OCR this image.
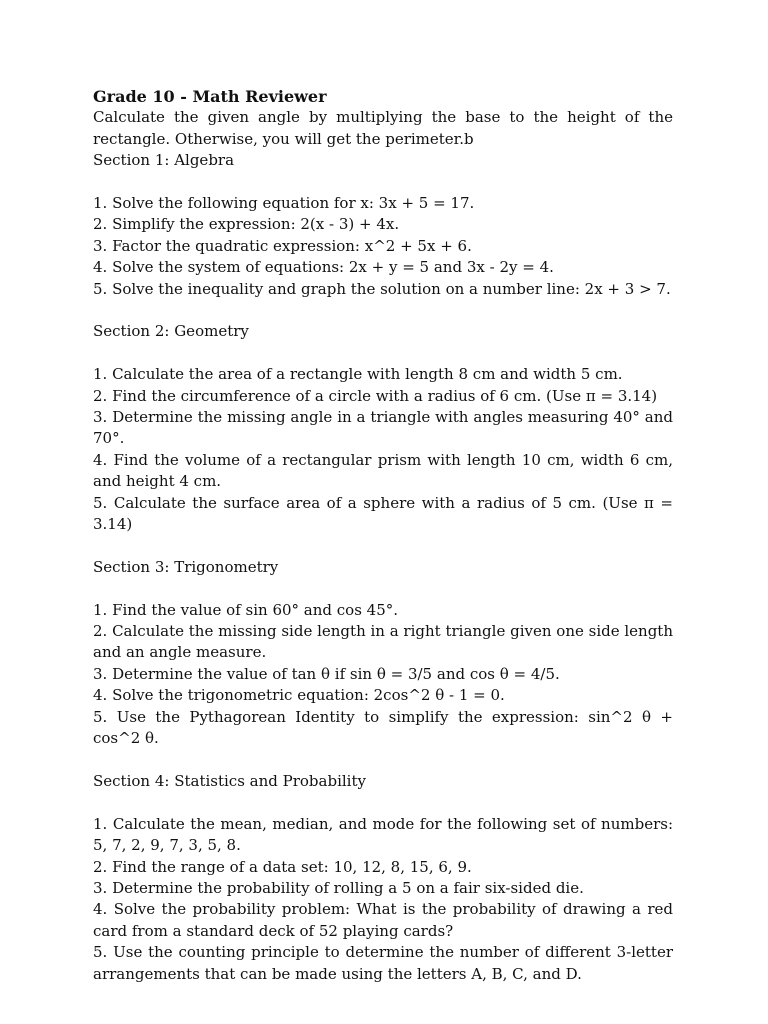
Grade 10 - Math Reviewer

Calculate the given angle by multiplying the base to the height of the rectangle. Otherwise, you will get the perimeter.b

Section 1: Algebra

1. Solve the following equation for x: 3x + 5 = 17.
2. Simplify the expression: 2(x - 3) + 4x.
3. Factor the quadratic expression: x^2 + 5x + 6.
4. Solve the system of equations: 2x + y = 5 and 3x - 2y = 4.
5. Solve the inequality and graph the solution on a number line: 2x + 3 > 7.

Section 2: Geometry

1. Calculate the area of a rectangle with length 8 cm and width 5 cm.
2. Find the circumference of a circle with a radius of 6 cm. (Use π = 3.14)
3. Determine the missing angle in a triangle with angles measuring 40° and 70°.
4. Find the volume of a rectangular prism with length 10 cm, width 6 cm, and height 4 cm.
5. Calculate the surface area of a sphere with a radius of 5 cm. (Use π = 3.14)

Section 3: Trigonometry

1. Find the value of sin 60° and cos 45°.
2. Calculate the missing side length in a right triangle given one side length and an angle measure.
3. Determine the value of tan θ if sin θ = 3/5 and cos θ = 4/5.
4. Solve the trigonometric equation: 2cos^2 θ - 1 = 0.
5. Use the Pythagorean Identity to simplify the expression: sin^2 θ + cos^2 θ.

Section 4: Statistics and Probability

1. Calculate the mean, median, and mode for the following set of numbers: 5, 7, 2, 9, 7, 3, 5, 8.
2. Find the range of a data set: 10, 12, 8, 15, 6, 9.
3. Determine the probability of rolling a 5 on a fair six-sided die.
4. Solve the probability problem: What is the probability of drawing a red card from a standard deck of 52 playing cards?
5. Use the counting principle to determine the number of different 3-letter arrangements that can be made using the letters A, B, C, and D.
